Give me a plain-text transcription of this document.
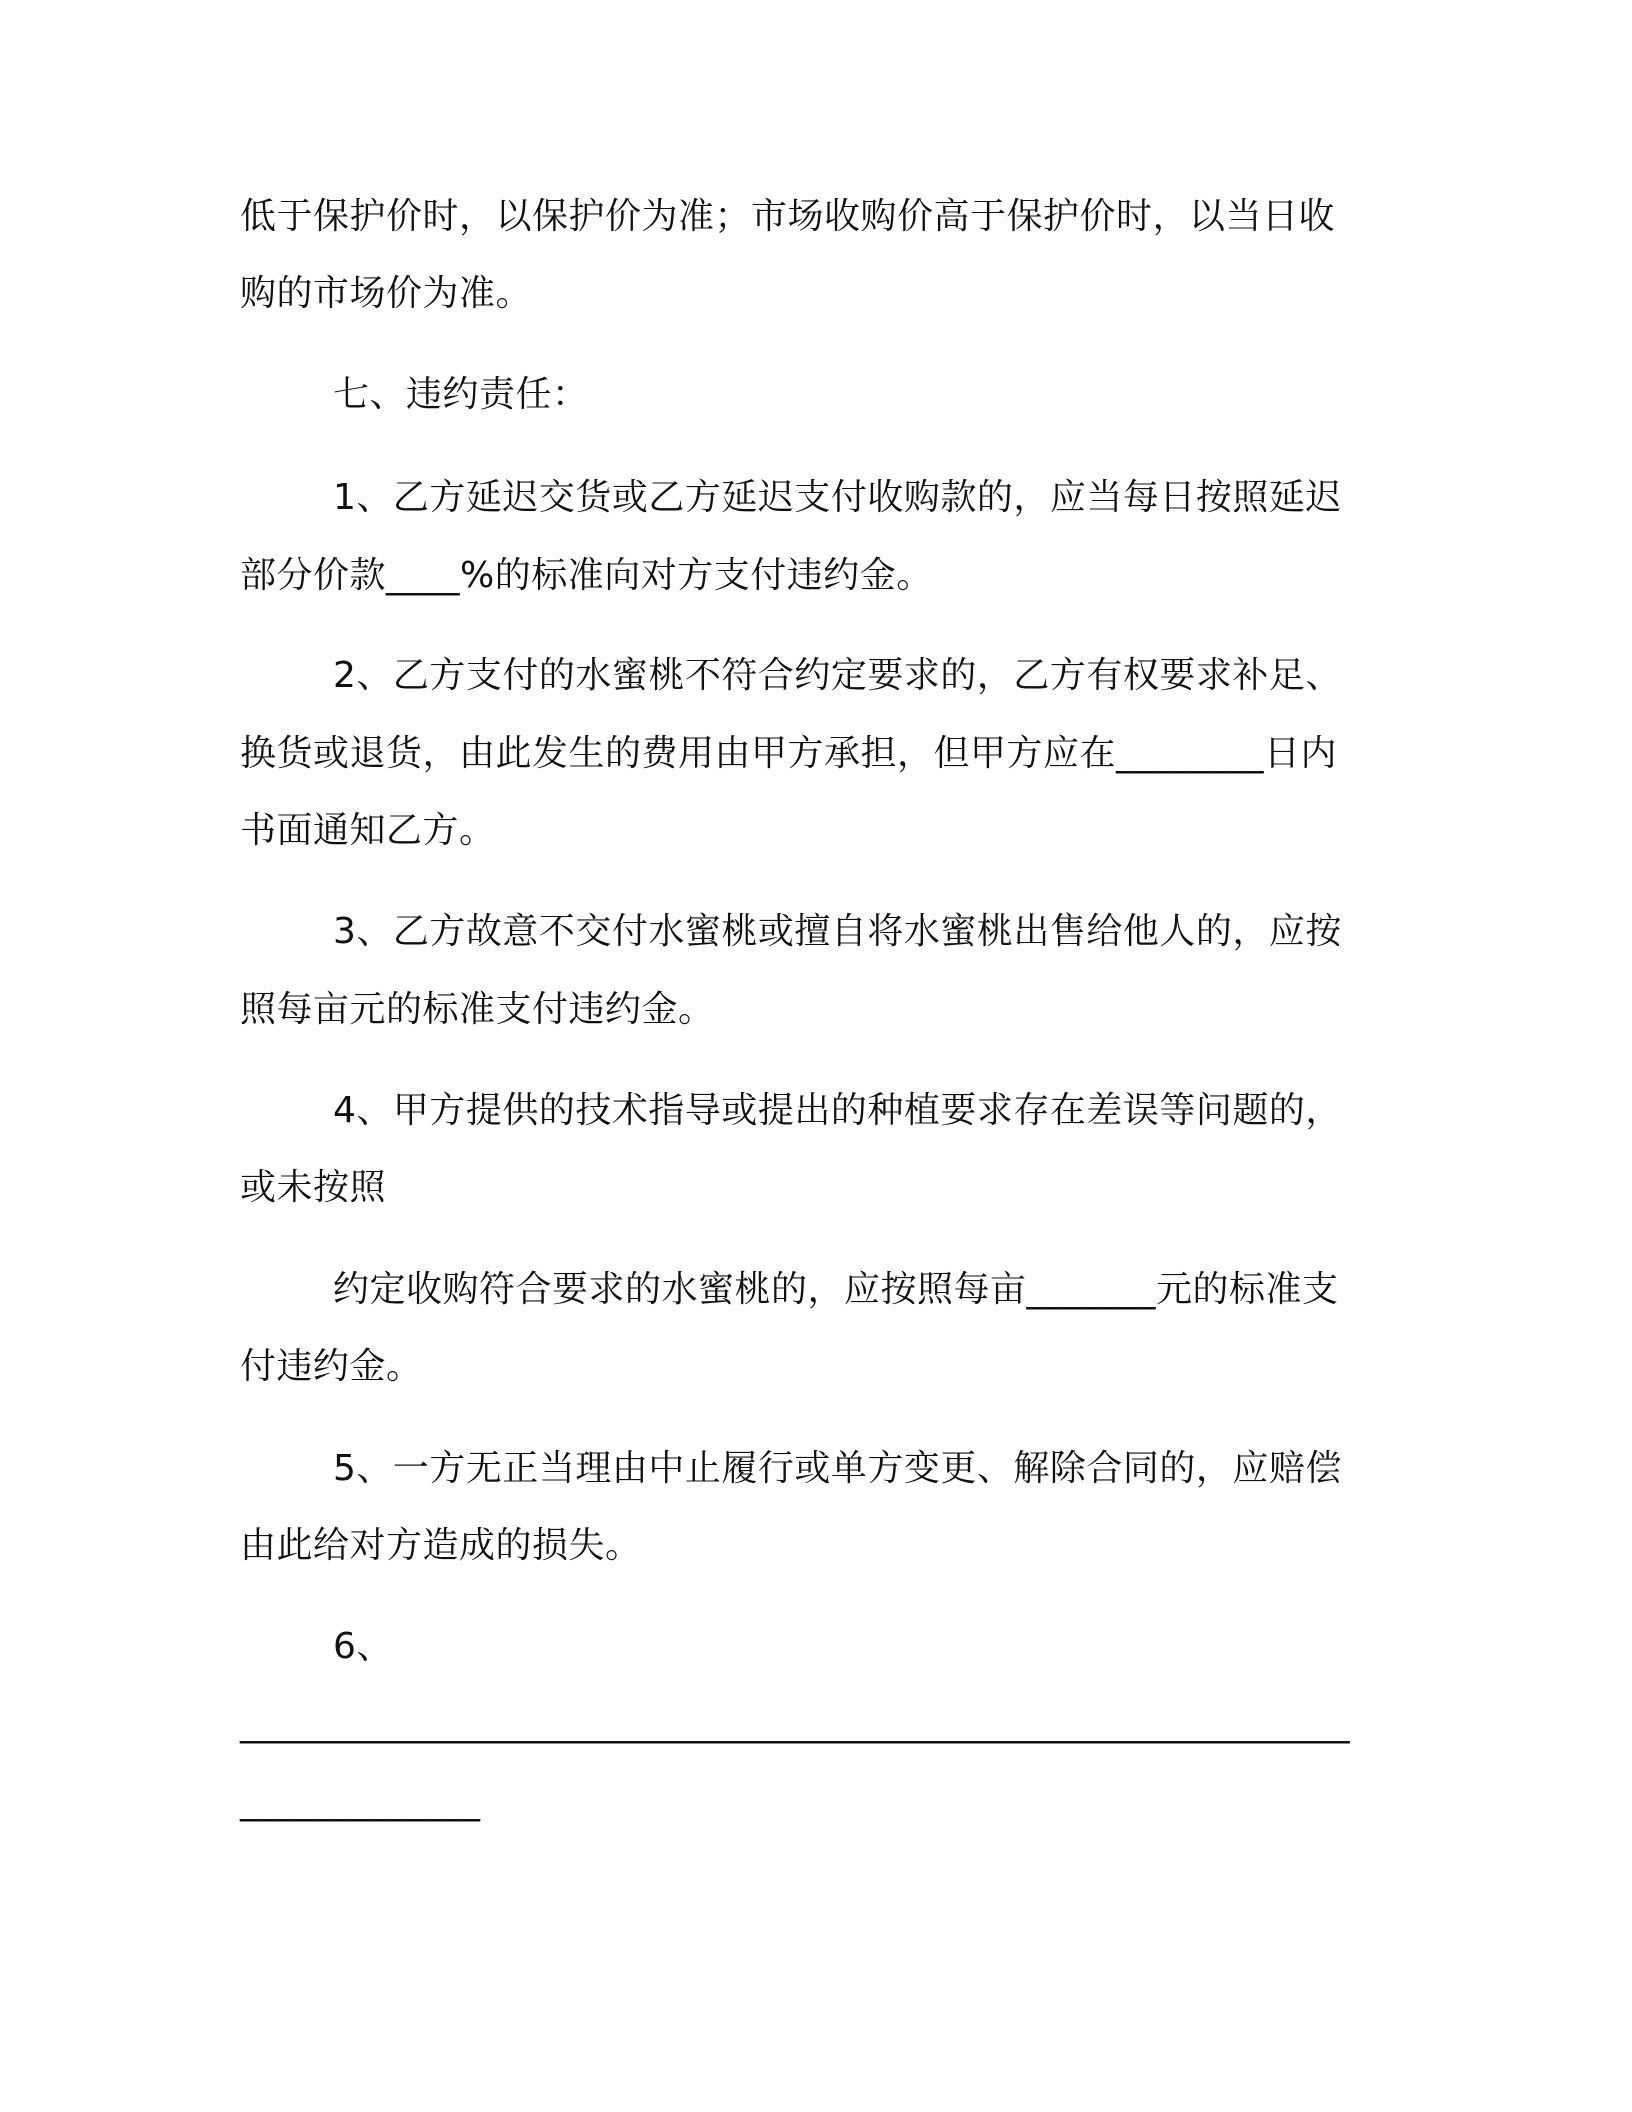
低于保护价时，以保护价为准；市场收购价高于保护价时，以当日收
购的市场价为准。
七、违约责任：
1、乙方延迟交货或乙方延迟支付收购款的，应当每日按照延迟
部分价款____%的标准向对方支付违约金。
2、乙方支付的水蜜桃不符合约定要求的，乙方有权要求补足、
换货或退货，由此发生的费用由甲方承担，但甲方应在________日内
书面通知乙方。
3、乙方故意不交付水蜜桃或擅自将水蜜桃出售给他人的，应按
照每亩元的标准支付违约金。
4、甲方提供的技术指导或提出的种植要求存在差误等问题的，
或未按照
约定收购符合要求的水蜜桃的，应按照每亩_______元的标准支
付违约金。
5、一方无正当理由中止履行或单方变更、解除合同的，应赔偿
由此给对方造成的损失。
6、
____________________________________________________________
_____________
